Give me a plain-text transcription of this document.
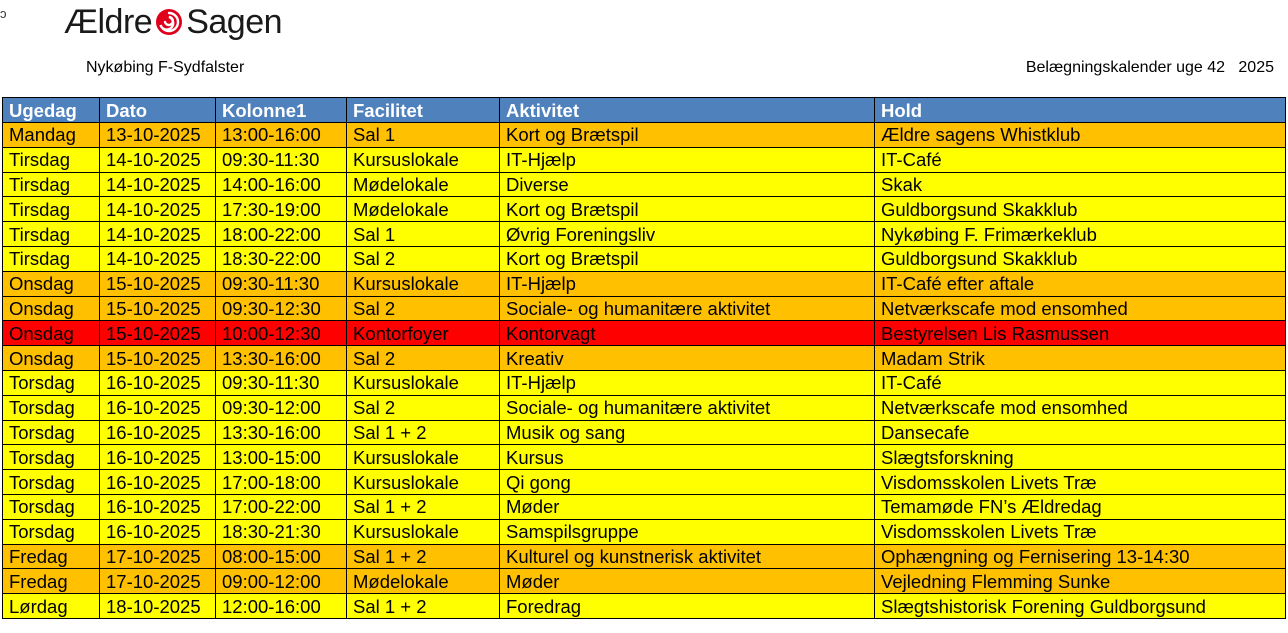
ↄ Ældre Sagen
Nykøbing F-Sydfalster	Belægningskalender uge 42   2025
Ugedag	Dato	Kolonne1	Facilitet	Aktivitet	Hold
Mandag	13-10-2025	13:00-16:00	Sal 1	Kort og Brætspil	Ældre sagens Whistklub
Tirsdag	14-10-2025	09:30-11:30	Kursuslokale	IT-Hjælp	IT-Café
Tirsdag	14-10-2025	14:00-16:00	Mødelokale	Diverse	Skak
Tirsdag	14-10-2025	17:30-19:00	Mødelokale	Kort og Brætspil	Guldborgsund Skakklub
Tirsdag	14-10-2025	18:00-22:00	Sal 1	Øvrig Foreningsliv	Nykøbing F. Frimærkeklub
Tirsdag	14-10-2025	18:30-22:00	Sal 2	Kort og Brætspil	Guldborgsund Skakklub
Onsdag	15-10-2025	09:30-11:30	Kursuslokale	IT-Hjælp	IT-Café efter aftale
Onsdag	15-10-2025	09:30-12:30	Sal 2	Sociale- og humanitære aktivitet	Netværkscafe mod ensomhed
Onsdag	15-10-2025	10:00-12:30	Kontorfoyer	Kontorvagt	Bestyrelsen Lis Rasmussen
Onsdag	15-10-2025	13:30-16:00	Sal 2	Kreativ	Madam Strik
Torsdag	16-10-2025	09:30-11:30	Kursuslokale	IT-Hjælp	IT-Café
Torsdag	16-10-2025	09:30-12:00	Sal 2	Sociale- og humanitære aktivitet	Netværkscafe mod ensomhed
Torsdag	16-10-2025	13:30-16:00	Sal 1 + 2	Musik og sang	Dansecafe
Torsdag	16-10-2025	13:00-15:00	Kursuslokale	Kursus	Slægtsforskning
Torsdag	16-10-2025	17:00-18:00	Kursuslokale	Qi gong	Visdomsskolen Livets Træ
Torsdag	16-10-2025	17:00-22:00	Sal 1 + 2	Møder	Temamøde FN’s Ældredag
Torsdag	16-10-2025	18:30-21:30	Kursuslokale	Samspilsgruppe	Visdomsskolen Livets Træ
Fredag	17-10-2025	08:00-15:00	Sal 1 + 2	Kulturel og kunstnerisk aktivitet	Ophængning og Fernisering 13-14:30
Fredag	17-10-2025	09:00-12:00	Mødelokale	Møder	Vejledning Flemming Sunke
Lørdag	18-10-2025	12:00-16:00	Sal 1 + 2	Foredrag	Slægtshistorisk Forening Guldborgsund
